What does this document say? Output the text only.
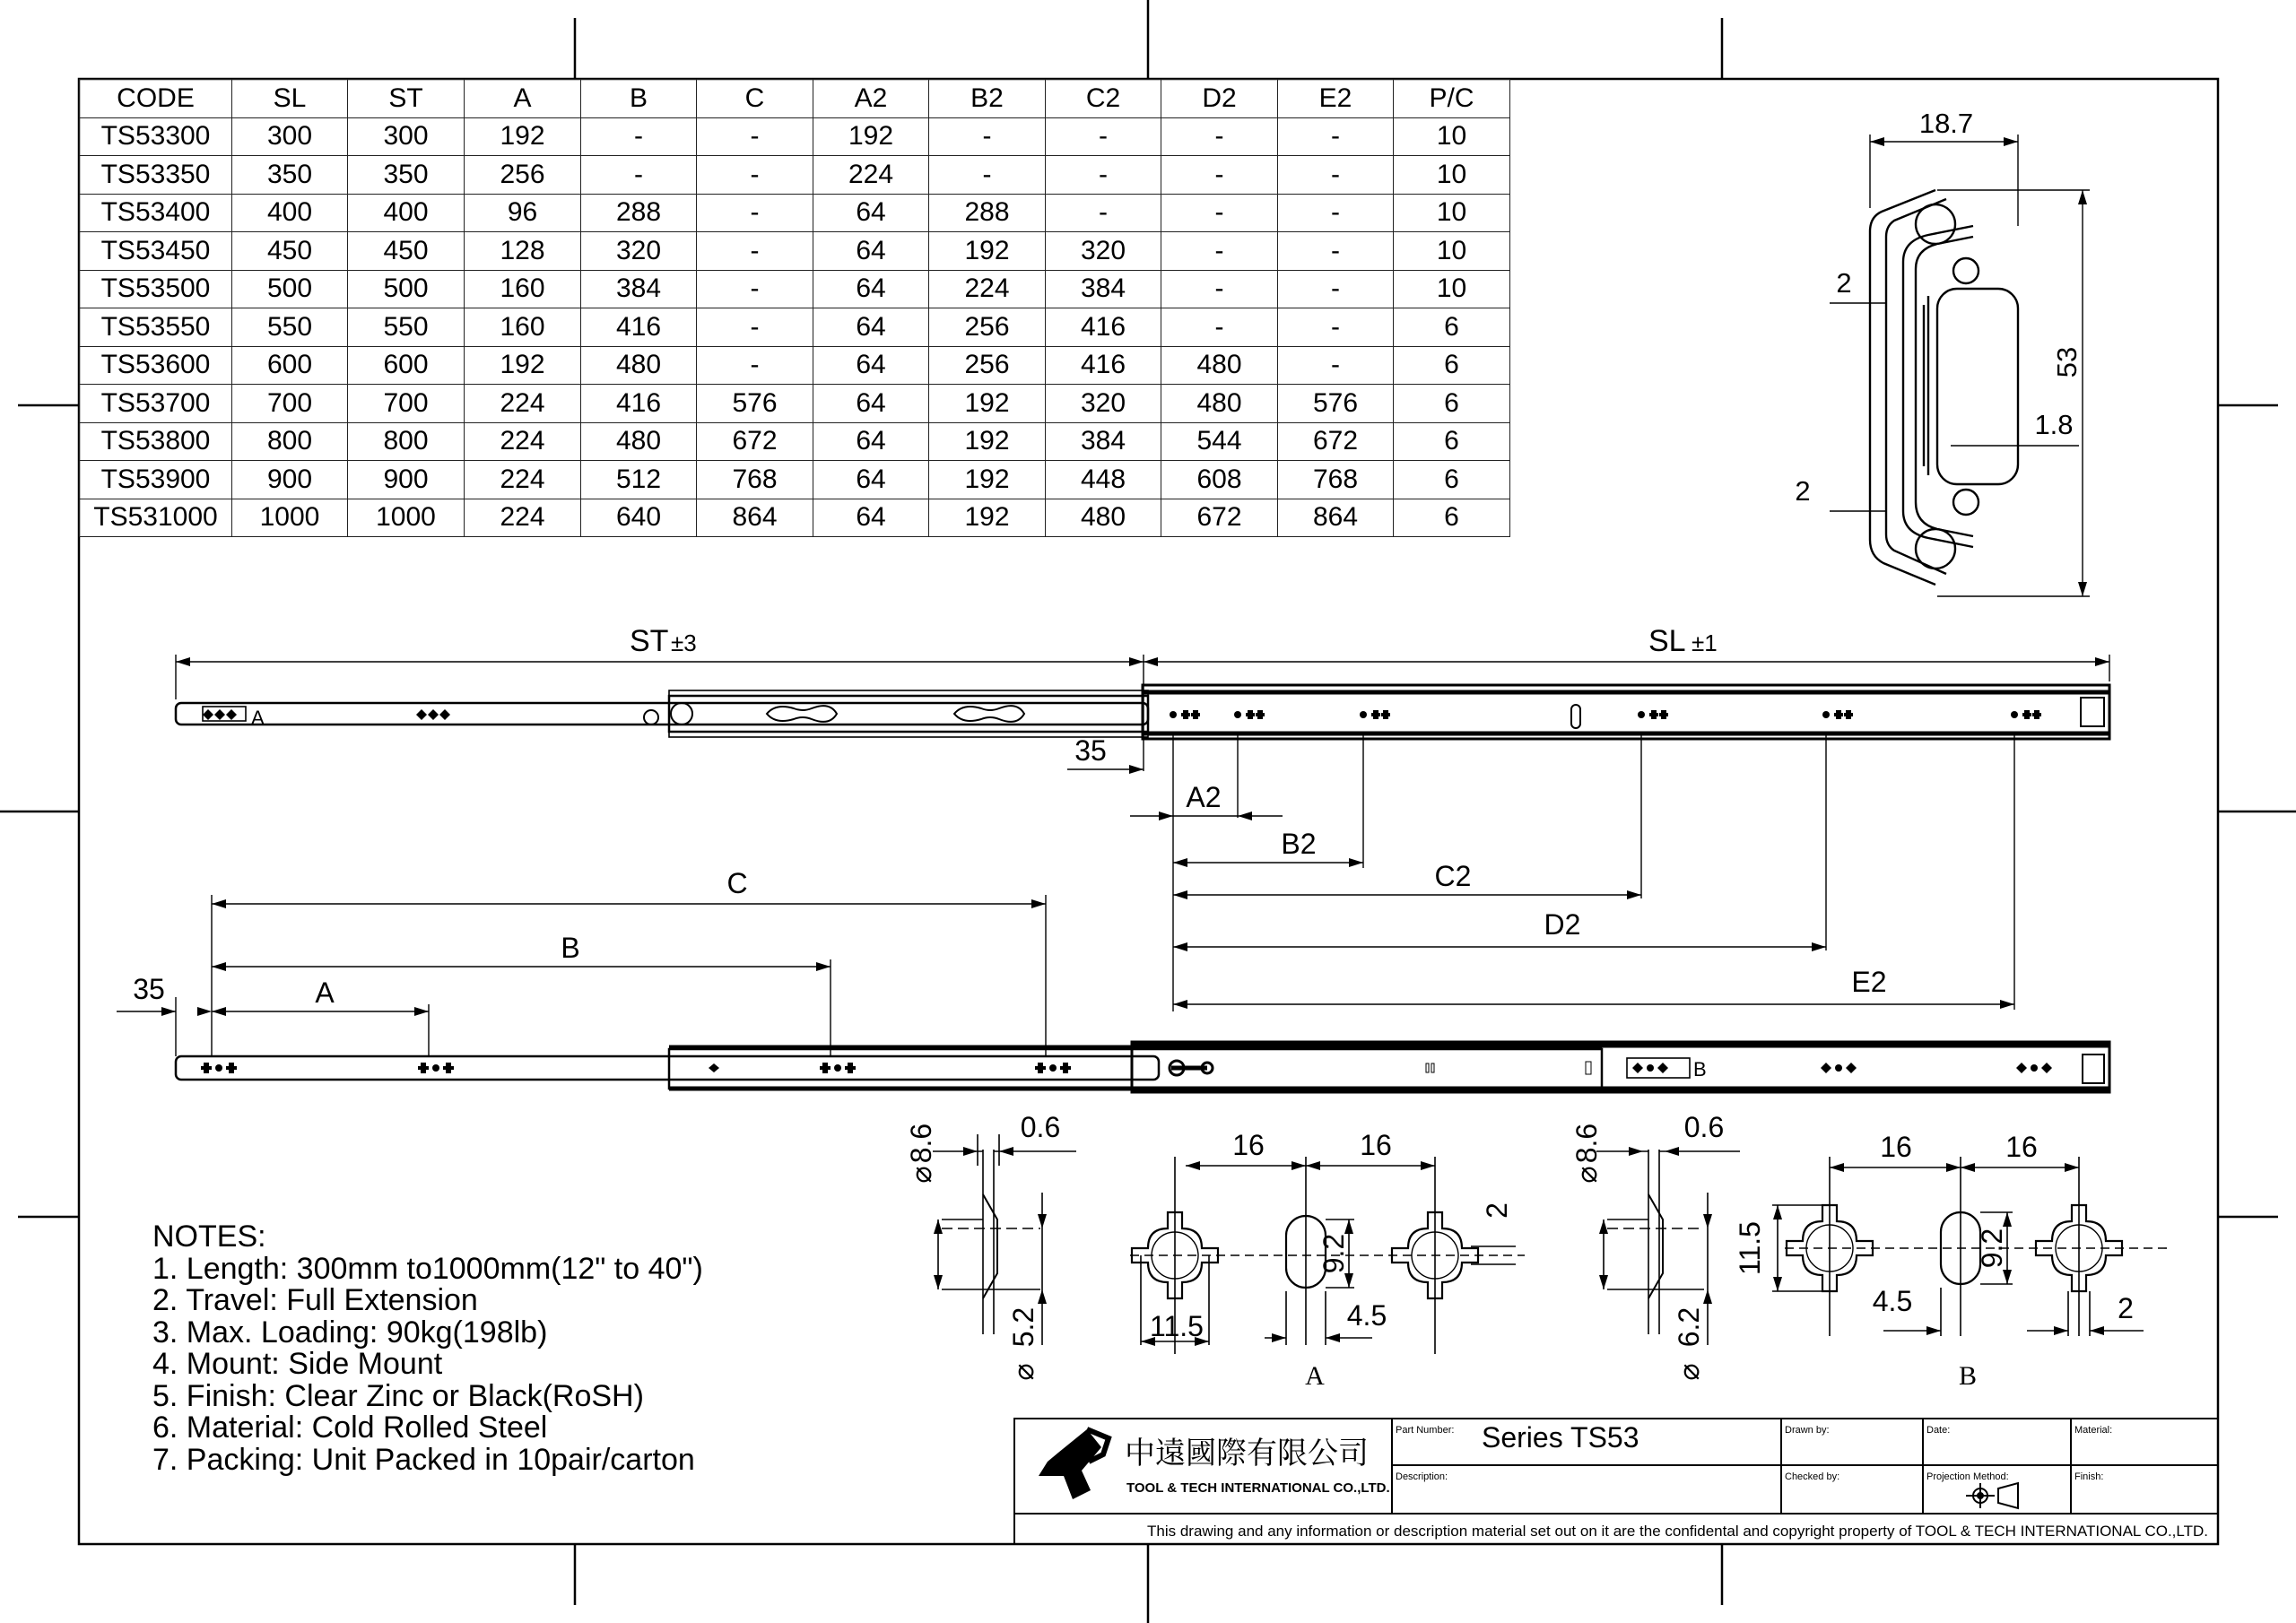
18.7
53
2
2
1.8
A
ST ±3	SL ±1
35
A2
B2
C2
D2
E2
B
C
B
A
35
0.6
⌀
8.6
⌀
5.2
16	16
11.5
9.2
4.5
2
A
0.6
⌀
8.6
⌀
6.2
16	16
11.5	9.2
4.5	2
B
中遠國際有限公司
TOOL & TECH INTERNATIONAL CO.,LTD.
Part Number: Series TS53
Description:
Drawn by:
Checked by:
Date:
Projection Method:
Material:
Finish:
This drawing and any information or description material set out on it are the confidental and copyright property of TOOL & TECH INTERNATIONAL CO.,LTD.
CODE	SL	ST	A	B	C	A2	B2	C2	D2	E2	P/C
TS53300	300	300	192	-	-	192	-	-	-	-	10
TS53350	350	350	256	-	-	224	-	-	-	-	10
TS53400	400	400	96	288	-	64	288	-	-	-	10
TS53450	450	450	128	320	-	64	192	320	-	-	10
TS53500	500	500	160	384	-	64	224	384	-	-	10
TS53550	550	550	160	416	-	64	256	416	-	-	6
TS53600	600	600	192	480	-	64	256	416	480	-	6
TS53700	700	700	224	416	576	64	192	320	480	576	6
TS53800	800	800	224	480	672	64	192	384	544	672	6
TS53900	900	900	224	512	768	64	192	448	608	768	6
TS531000	1000	1000	224	640	864	64	192	480	672	864	6
NOTES:
1. Length: 300mm to1000mm(12" to 40")
2. Travel: Full Extension
3. Max. Loading: 90kg(198lb)
4. Mount: Side Mount
5. Finish: Clear Zinc or Black(RoSH)
6. Material: Cold Rolled Steel
7. Packing: Unit Packed in 10pair/carton
